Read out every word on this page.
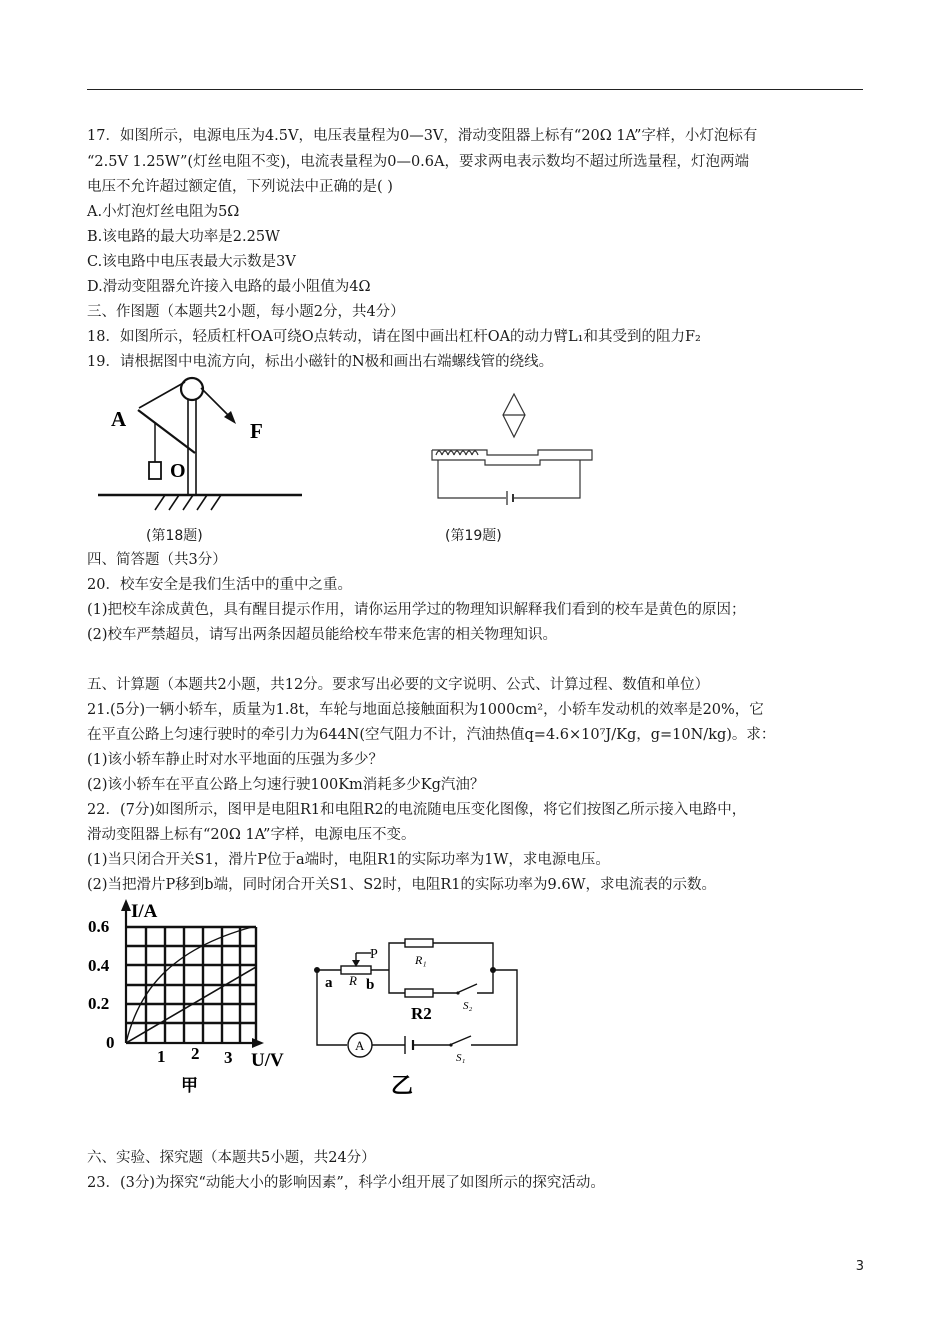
17．如图所示，电源电压为4.5V，电压表量程为0—3V，滑动变阻器上标有“20Ω 1A”字样，小灯泡标有
“2.5V 1.25W”(灯丝电阻不变)，电流表量程为0—0.6A，要求两电表示数均不超过所选量程，灯泡两端
电压不允许超过额定值，下列说法中正确的是( )
A.小灯泡灯丝电阻为5Ω
B.该电路的最大功率是2.25W
C.该电路中电压表最大示数是3V
D.滑动变阻器允许接入电路的最小阻值为4Ω
三、作图题（本题共2小题，每小题2分，共4分）
18．如图所示，轻质杠杆OA可绕O点转动，请在图中画出杠杆OA的动力臂L₁和其受到的阻力F₂
19．请根据图中电流方向，标出小磁针的N极和画出右端螺线管的绕线。
A
O
F
(第18题)	(第19题)
四、简答题（共3分）
20．校车安全是我们生活中的重中之重。
(1)把校车涂成黄色，具有醒目提示作用，请你运用学过的物理知识解释我们看到的校车是黄色的原因；
(2)校车严禁超员，请写出两条因超员能给校车带来危害的相关物理知识。
五、计算题（本题共2小题，共12分。要求写出必要的文字说明、公式、计算过程、数值和单位）
21.(5分)一辆小轿车，质量为1.8t，车轮与地面总接触面积为1000cm²，小轿车发动机的效率是20%，它
在平直公路上匀速行驶时的牵引力为644N(空气阻力不计，汽油热值q=4.6×10⁷J/Kg，g=10N/kg)。求：
(1)该小轿车静止时对水平地面的压强为多少？
(2)该小轿车在平直公路上匀速行驶100Km消耗多少Kg汽油？
22．(7分)如图所示，图甲是电阻R1和电阻R2的电流随电压变化图像，将它们按图乙所示接入电路中，
滑动变阻器上标有“20Ω 1A”字样，电源电压不变。
(1)当只闭合开关S1，滑片P位于a端时，电阻R1的实际功率为1W，求电源电压。
(2)当把滑片P移到b端，同时闭合开关S1、S2时，电阻R1的实际功率为9.6W，求电流表的示数。
I/A
0.6
0.4
0.2
0
1 2 3 U/V
甲
P
a R b
R₁
R2	S₂
A
S₁
乙
六、实验、探究题（本题共5小题，共24分）
23．(3分)为探究“动能大小的影响因素”，科学小组开展了如图所示的探究活动。
3
